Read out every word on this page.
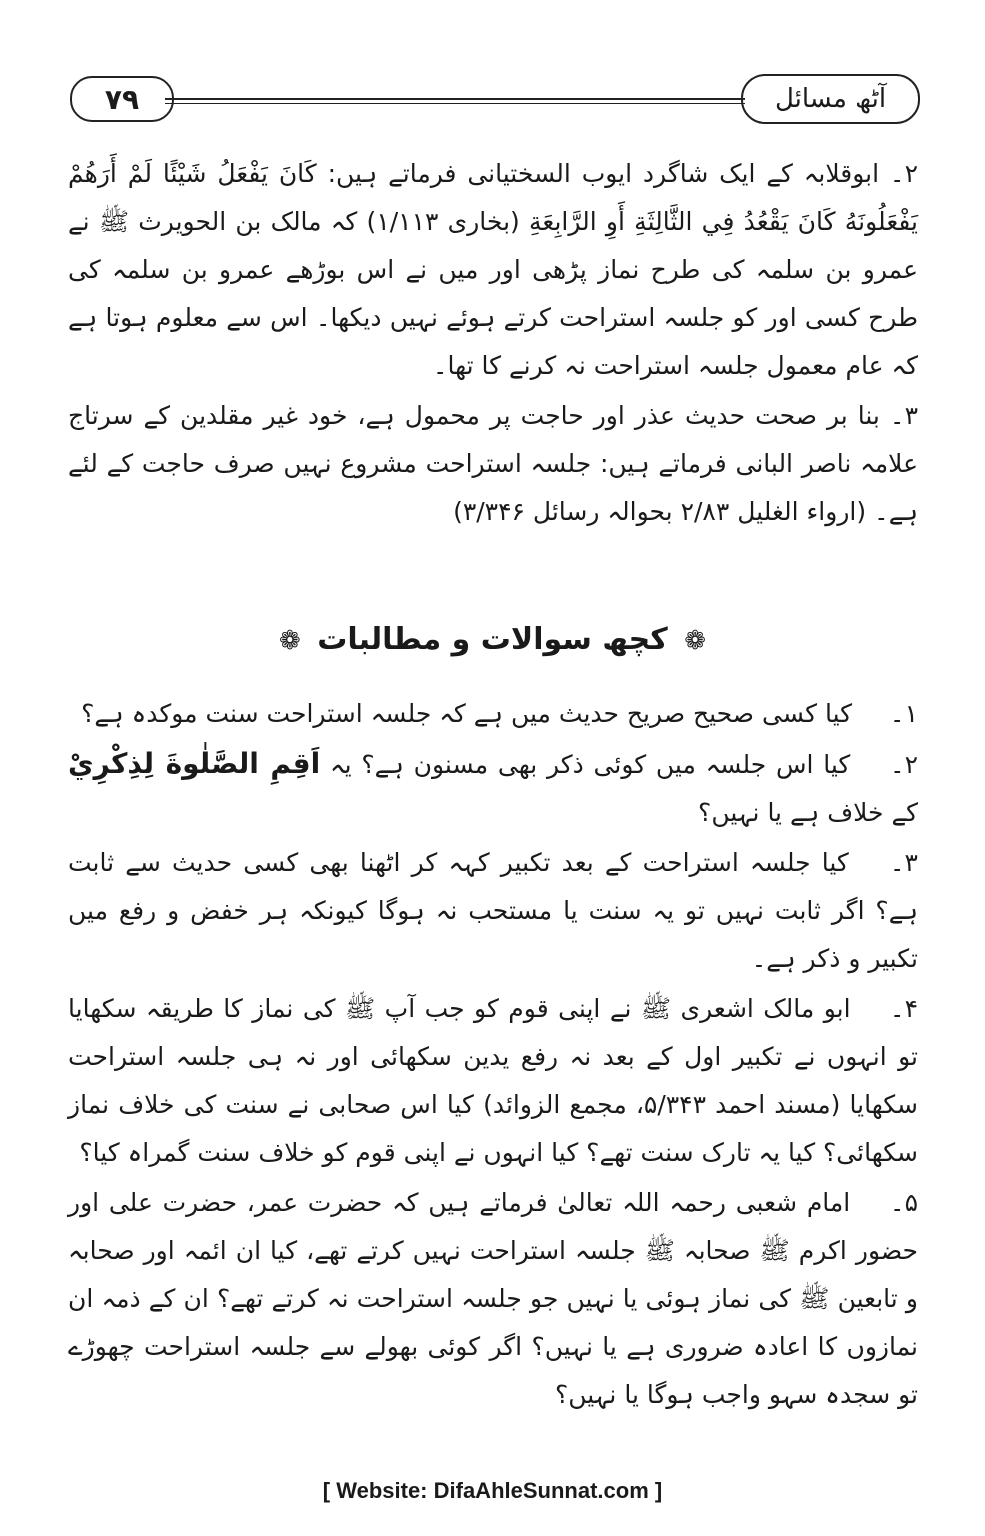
۷۹	آٹھ مسائل

۲۔ ابوقلابہ کے ایک شاگرد ایوب السختیانی فرماتے ہیں: كَانَ يَفْعَلُ شَيْئًا لَمْ أَرَهُمْ يَفْعَلُونَهُ كَانَ يَقْعُدُ فِي الثَّالِثَةِ أَوِ الرَّابِعَةِ (بخاری ۱/۱۱۳) کہ مالک بن الحویرث ﷺ نے عمرو بن سلمہ کی طرح نماز پڑھی اور میں نے اس بوڑھے عمرو بن سلمہ کی طرح کسی اور کو جلسہ استراحت کرتے ہوئے نہیں دیکھا۔ اس سے معلوم ہوتا ہے کہ عام معمول جلسہ استراحت نہ کرنے کا تھا۔

۳۔ بنا بر صحت حدیث عذر اور حاجت پر محمول ہے، خود غیر مقلدین کے سرتاج علامہ ناصر البانی فرماتے ہیں: جلسہ استراحت مشروع نہیں صرف حاجت کے لئے ہے۔ (ارواء الغلیل ۲/۸۳ بحوالہ رسائل ۳/۳۴۶)

❁ کچھ سوالات و مطالبات ❁

۱۔ کیا کسی صحیح صریح حدیث میں ہے کہ جلسہ استراحت سنت موکدہ ہے؟

۲۔ کیا اس جلسہ میں کوئی ذکر بھی مسنون ہے؟ یہ اَقِمِ الصَّلٰوةَ لِذِكْرِيْ کے خلاف ہے یا نہیں؟

۳۔ کیا جلسہ استراحت کے بعد تکبیر کہہ کر اٹھنا بھی کسی حدیث سے ثابت ہے؟ اگر ثابت نہیں تو یہ سنت یا مستحب نہ ہوگا کیونکہ ہر خفض و رفع میں تکبیر و ذکر ہے۔

۴۔ ابو مالک اشعری ﷺ نے اپنی قوم کو جب آپ ﷺ کی نماز کا طریقہ سکھایا تو انہوں نے تکبیر اول کے بعد نہ رفع یدین سکھائی اور نہ ہی جلسہ استراحت سکھایا (مسند احمد ۵/۳۴۳، مجمع الزوائد) کیا اس صحابی نے سنت کی خلاف نماز سکھائی؟ کیا یہ تارک سنت تھے؟ کیا انہوں نے اپنی قوم کو خلاف سنت گمراہ کیا؟

۵۔ امام شعبی رحمہ اللہ تعالیٰ فرماتے ہیں کہ حضرت عمر، حضرت علی اور حضور اکرم ﷺ صحابہ ﷺ جلسہ استراحت نہیں کرتے تھے، کیا ان ائمہ اور صحابہ و تابعین ﷺ کی نماز ہوئی یا نہیں جو جلسہ استراحت نہ کرتے تھے؟ ان کے ذمہ ان نمازوں کا اعادہ ضروری ہے یا نہیں؟ اگر کوئی بھولے سے جلسہ استراحت چھوڑے تو سجدہ سہو واجب ہوگا یا نہیں؟

[ Website: DifaAhleSunnat.com ]
